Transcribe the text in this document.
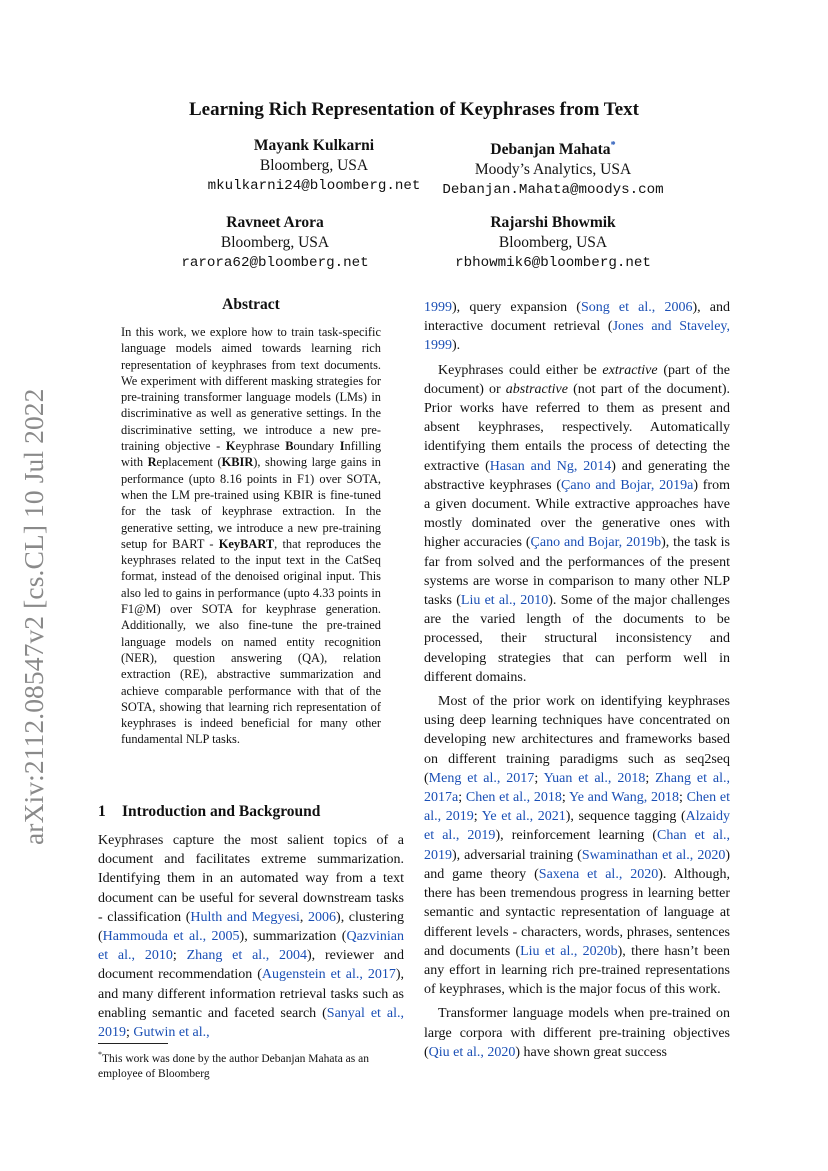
Learning Rich Representation of Keyphrases from Text
Mayank Kulkarni
Bloomberg, USA
mkulkarni24@bloomberg.net
Debanjan Mahata*
Moody’s Analytics, USA
Debanjan.Mahata@moodys.com
Ravneet Arora
Bloomberg, USA
rarora62@bloomberg.net
Rajarshi Bhowmik
Bloomberg, USA
rbhowmik6@bloomberg.net
arXiv:2112.08547v2 [cs.CL] 10 Jul 2022
Abstract
In this work, we explore how to train task-specific language models aimed towards learning rich representation of keyphrases from text documents. We experiment with different masking strategies for pre-training transformer language models (LMs) in discriminative as well as generative settings. In the discriminative setting, we introduce a new pre-training objective - Keyphrase Boundary Infilling with Replacement (KBIR), showing large gains in performance (upto 8.16 points in F1) over SOTA, when the LM pre-trained using KBIR is fine-tuned for the task of keyphrase extraction. In the generative setting, we introduce a new pre-training setup for BART - KeyBART, that reproduces the keyphrases related to the input text in the CatSeq format, instead of the denoised original input. This also led to gains in performance (upto 4.33 points in F1@M) over SOTA for keyphrase generation. Additionally, we also fine-tune the pre-trained language models on named entity recognition (NER), question answering (QA), relation extraction (RE), abstractive summarization and achieve comparable performance with that of the SOTA, showing that learning rich representation of keyphrases is indeed beneficial for many other fundamental NLP tasks.
1 Introduction and Background

Keyphrases capture the most salient topics of a document and facilitates extreme summarization. Identifying them in an automated way from a text document can be useful for several downstream tasks - classification (Hulth and Megyesi, 2006), clustering (Hammouda et al., 2005), summarization (Qazvinian et al., 2010; Zhang et al., 2004), reviewer and document recommendation (Augenstein et al., 2017), and many different information retrieval tasks such as enabling semantic and faceted search (Sanyal et al., 2019; Gutwin et al.,

1999), query expansion (Song et al., 2006), and interactive document retrieval (Jones and Staveley, 1999).

Keyphrases could either be extractive (part of the document) or abstractive (not part of the document). Prior works have referred to them as present and absent keyphrases, respectively. Automatically identifying them entails the process of detecting the extractive (Hasan and Ng, 2014) and generating the abstractive keyphrases (Çano and Bojar, 2019a) from a given document. While extractive approaches have mostly dominated over the generative ones with higher accuracies (Çano and Bojar, 2019b), the task is far from solved and the performances of the present systems are worse in comparison to many other NLP tasks (Liu et al., 2010). Some of the major challenges are the varied length of the documents to be processed, their structural inconsistency and developing strategies that can perform well in different domains.

Most of the prior work on identifying keyphrases using deep learning techniques have concentrated on developing new architectures and frameworks based on different training paradigms such as seq2seq (Meng et al., 2017; Yuan et al., 2018; Zhang et al., 2017a; Chen et al., 2018; Ye and Wang, 2018; Chen et al., 2019; Ye et al., 2021), sequence tagging (Alzaidy et al., 2019), reinforcement learning (Chan et al., 2019), adversarial training (Swaminathan et al., 2020) and game theory (Saxena et al., 2020). Although, there has been tremendous progress in learning better semantic and syntactic representation of language at different levels - characters, words, phrases, sentences and documents (Liu et al., 2020b), there hasn’t been any effort in learning rich pre-trained representations of keyphrases, which is the major focus of this work.

Transformer language models when pre-trained on large corpora with different pre-training objectives (Qiu et al., 2020) have shown great success

*This work was done by the author Debanjan Mahata as an employee of Bloomberg
